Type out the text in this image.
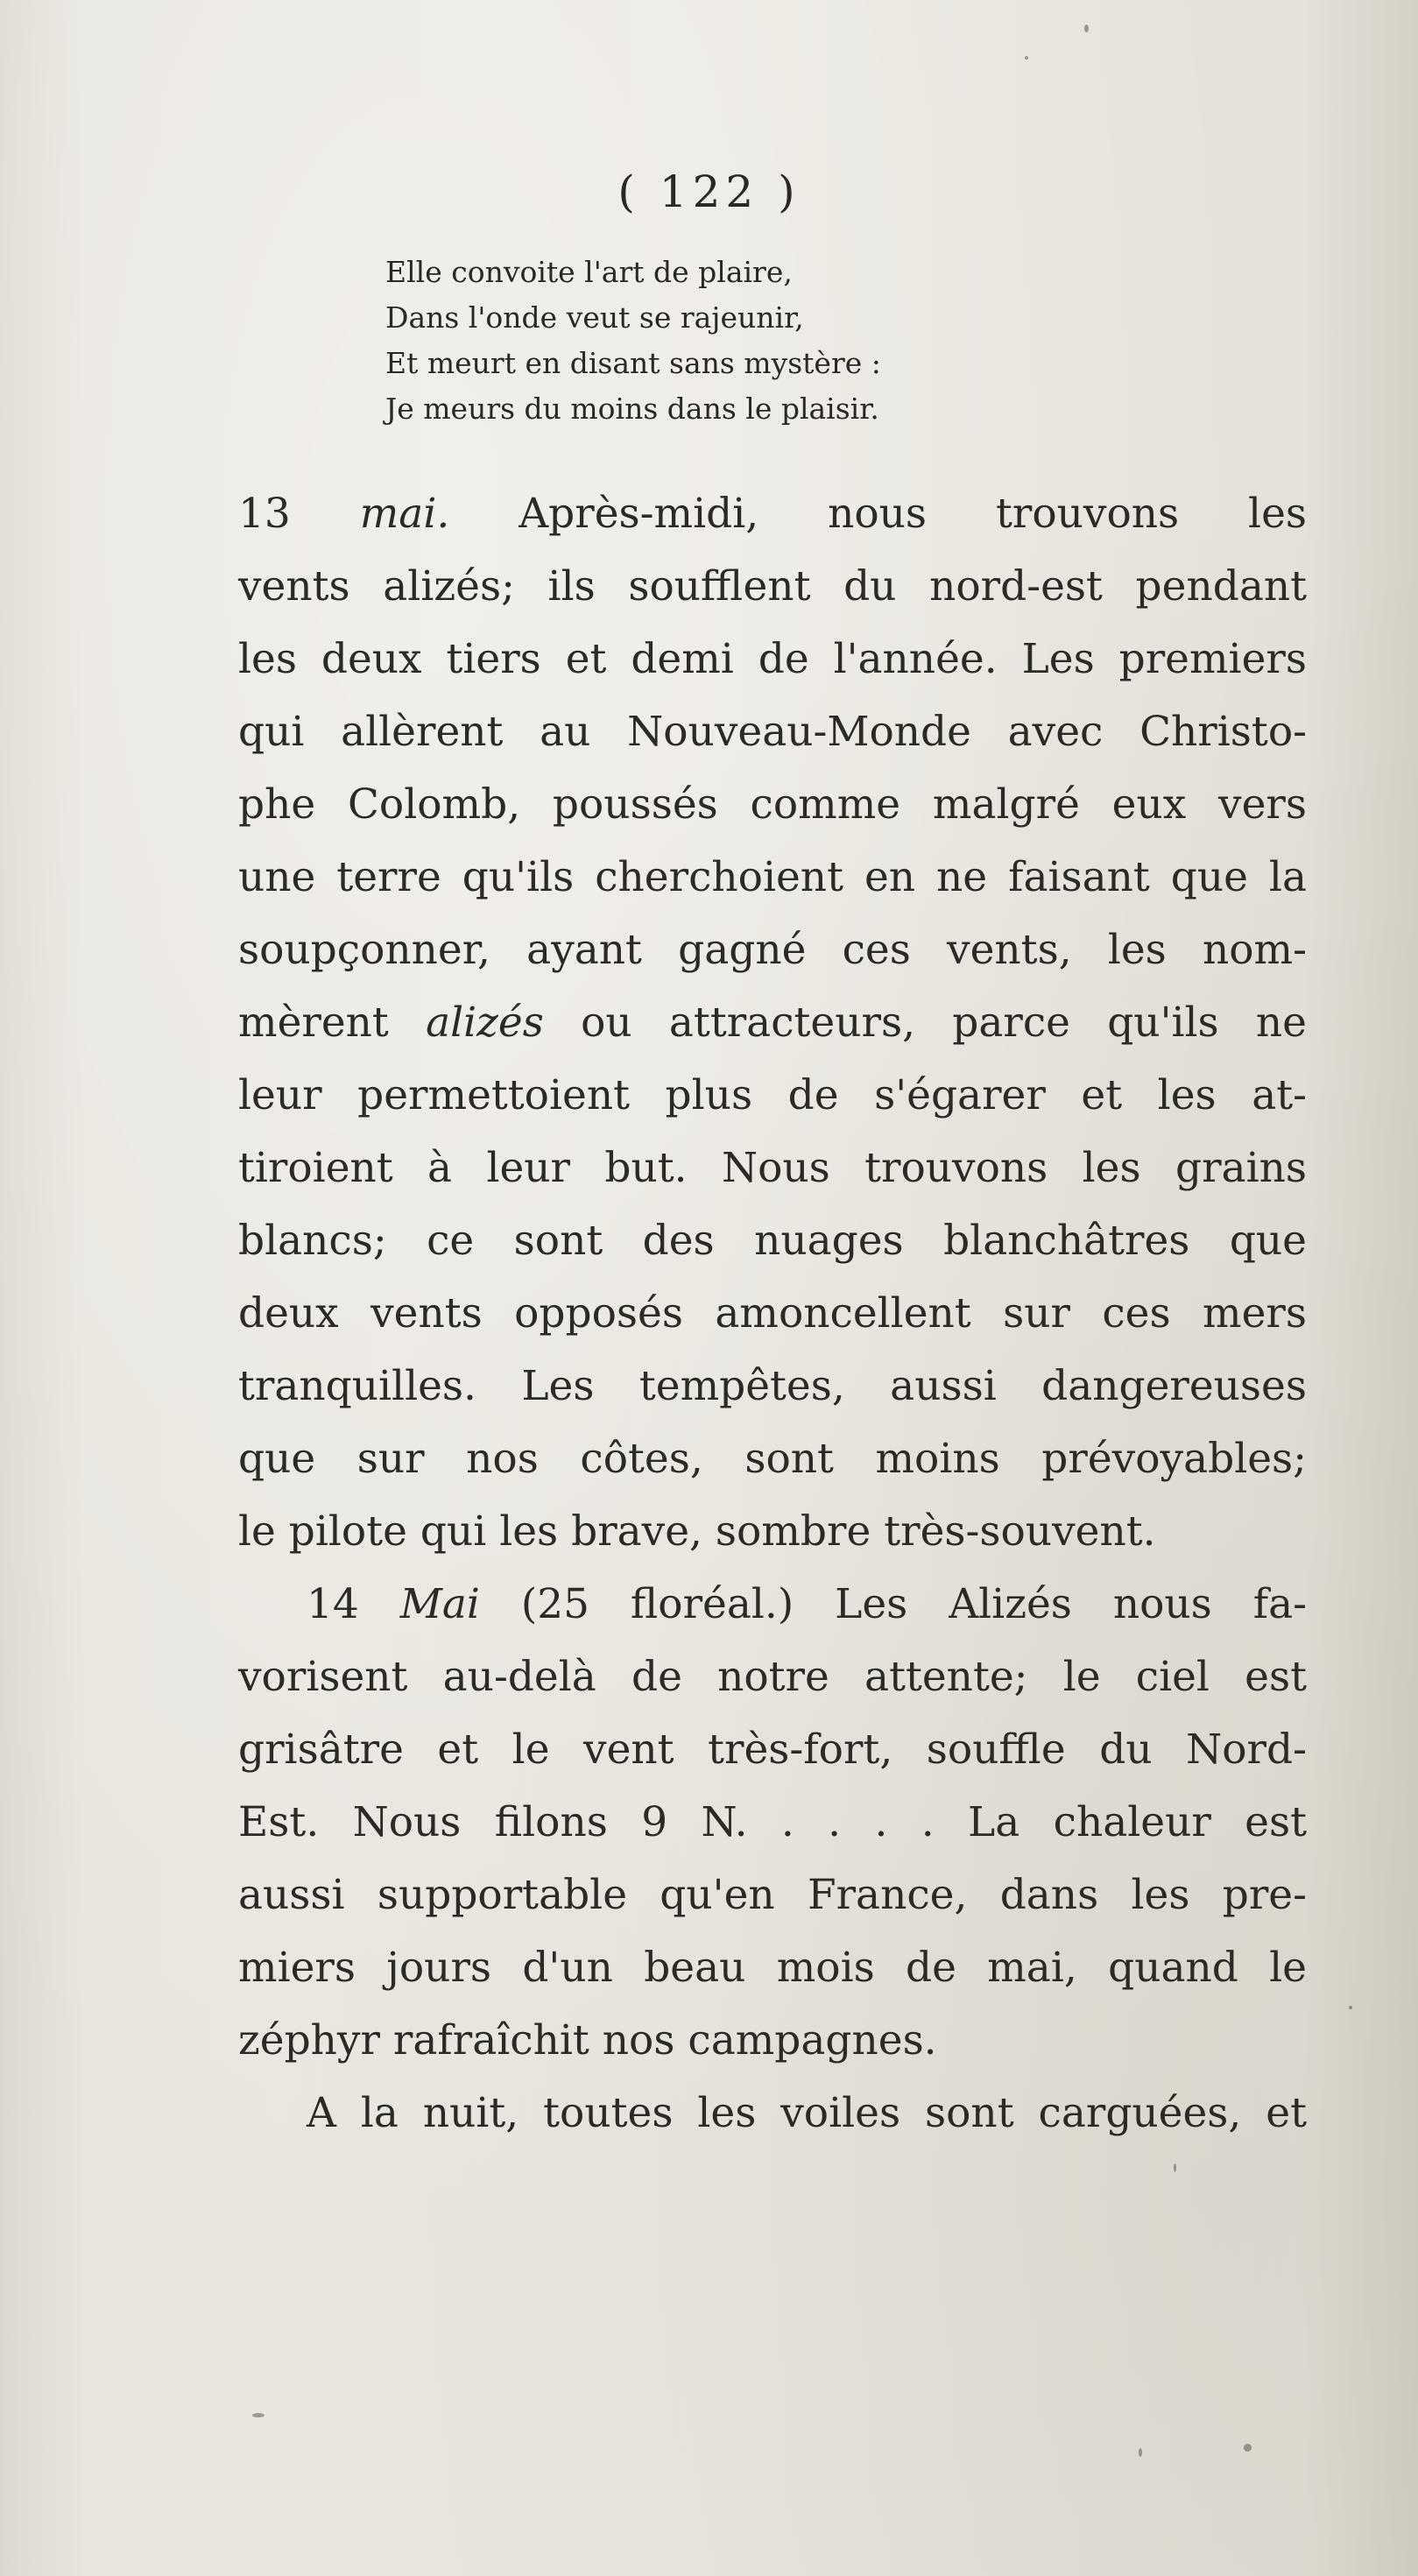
( 122 )
Elle convoite l'art de plaire,
Dans l'onde veut se rajeunir,
Et meurt en disant sans mystère :
Je meurs du moins dans le plaisir.

13 mai. Après-midi, nous trouvons les
vents alizés; ils soufflent du nord-est pendant
les deux tiers et demi de l'année. Les premiers
qui allèrent au Nouveau-Monde avec Christo-
phe Colomb, poussés comme malgré eux vers
une terre qu'ils cherchoient en ne faisant que la
soupçonner, ayant gagné ces vents, les nom-
mèrent alizés ou attracteurs, parce qu'ils ne
leur permettoient plus de s'égarer et les at-
tiroient à leur but. Nous trouvons les grains
blancs; ce sont des nuages blanchâtres que
deux vents opposés amoncellent sur ces mers
tranquilles. Les tempêtes, aussi dangereuses
que sur nos côtes, sont moins prévoyables;
le pilote qui les brave, sombre très-souvent.

14 Mai (25 floréal.) Les Alizés nous fa-
vorisent au-delà de notre attente; le ciel est
grisâtre et le vent très-fort, souffle du Nord-
Est. Nous filons 9 N. . . . . La chaleur est
aussi supportable qu'en France, dans les pre-
miers jours d'un beau mois de mai, quand le
zéphyr rafraîchit nos campagnes.

A la nuit, toutes les voiles sont carguées, et
